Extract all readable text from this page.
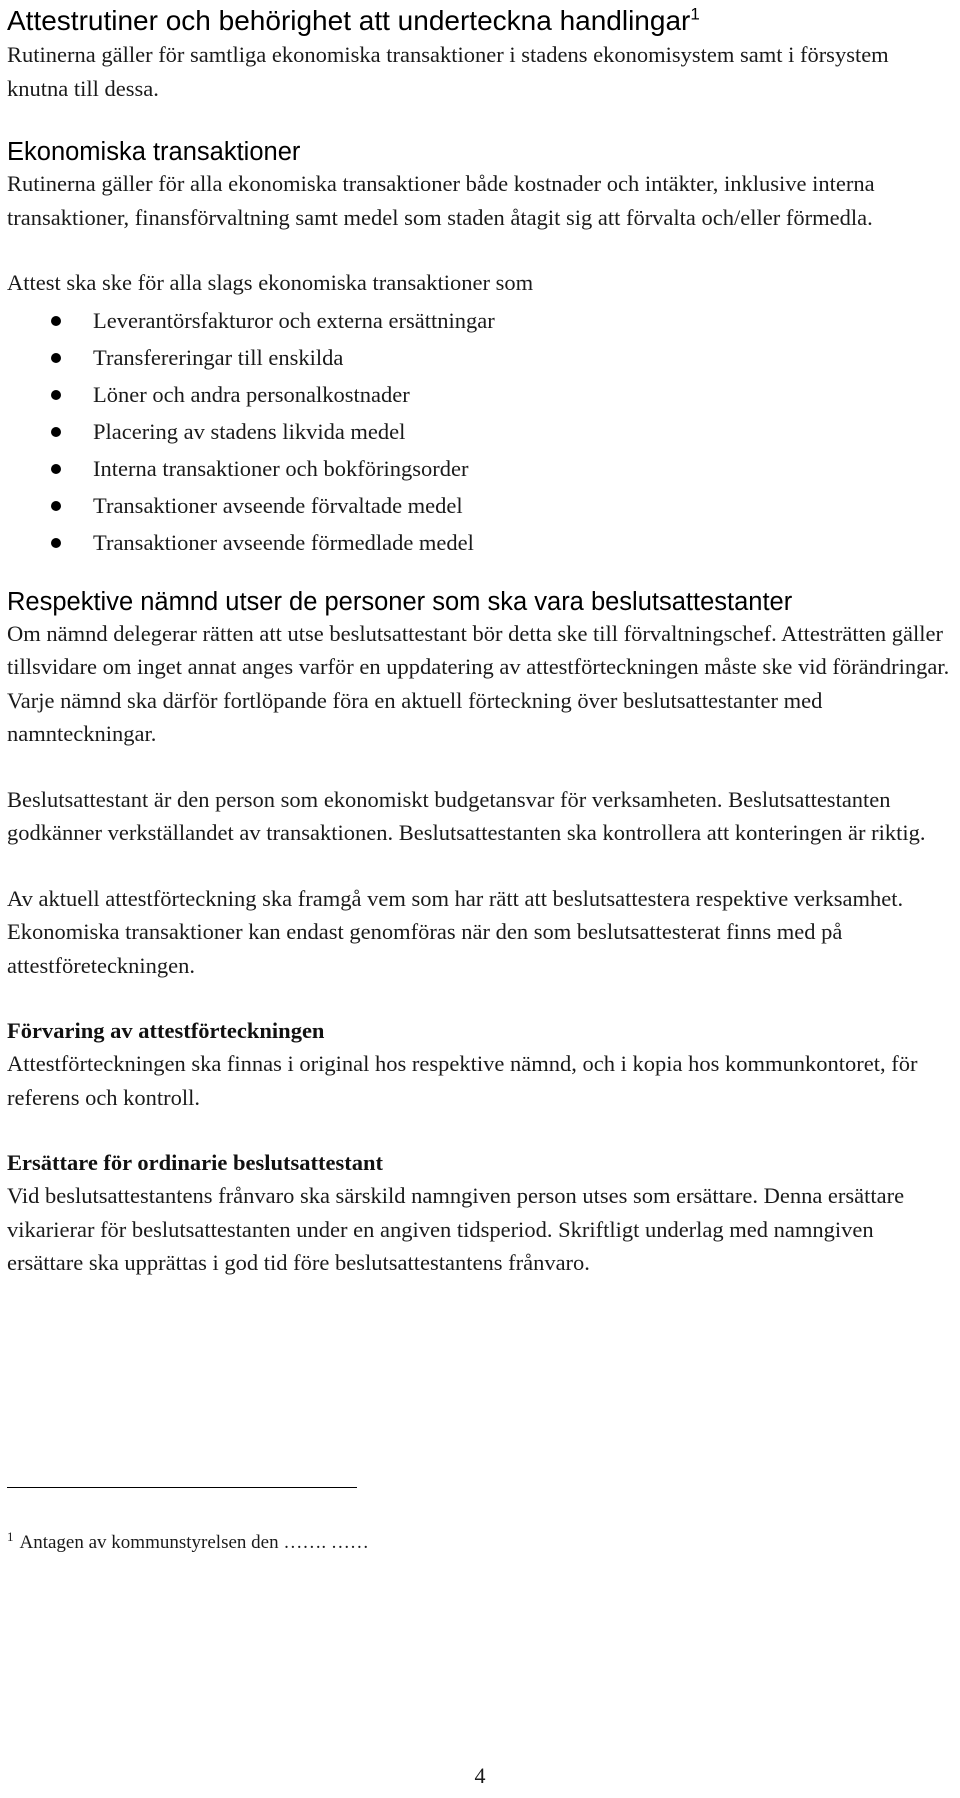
Attestrutiner och behörighet att underteckna handlingar$^1$

Rutinerna gäller för samtliga ekonomiska transaktioner i stadens ekonomisystem samt i försystem knutna till dessa.

Ekonomiska transaktioner

Rutinerna gäller för alla ekonomiska transaktioner både kostnader och intäkter, inklusive interna transaktioner, finansförvaltning samt medel som staden åtagit sig att förvalta och/eller förmedla.

Attest ska ske för alla slags ekonomiska transaktioner som

Leverantörsfakturor och externa ersättningar
Transfereringar till enskilda
Löner och andra personalkostnader
Placering av stadens likvida medel
Interna transaktioner och bokföringsorder
Transaktioner avseende förvaltade medel
Transaktioner avseende förmedlade medel
Respektive nämnd utser de personer som ska vara beslutsattestanter

Om nämnd delegerar rätten att utse beslutsattestant bör detta ske till förvaltningschef. Attesträtten gäller tillsvidare om inget annat anges varför en uppdatering av attestförteckningen måste ske vid förändringar. Varje nämnd ska därför fortlöpande föra en aktuell förteckning över beslutsattestanter med namnteckningar.

Beslutsattestant är den person som ekonomiskt budgetansvar för verksamheten. Beslutsattestanten godkänner verkställandet av transaktionen. Beslutsattestanten ska kontrollera att konteringen är riktig.

Av aktuell attestförteckning ska framgå vem som har rätt att beslutsattestera respektive verksamhet. Ekonomiska transaktioner kan endast genomföras när den som beslutsattesterat finns med på attestföreteckningen.

Förvaring av attestförteckningen

Attestförteckningen ska finnas i original hos respektive nämnd, och i kopia hos kommunkontoret, för referens och kontroll.

Ersättare för ordinarie beslutsattestant

Vid beslutsattestantens frånvaro ska särskild namngiven person utses som ersättare. Denna ersättare vikarierar för beslutsattestanten under en angiven tidsperiod. Skriftligt underlag med namngiven ersättare ska upprättas i god tid före beslutsattestantens frånvaro.

$^1$ Antagen av kommunstyrelsen den ……. ……
4
